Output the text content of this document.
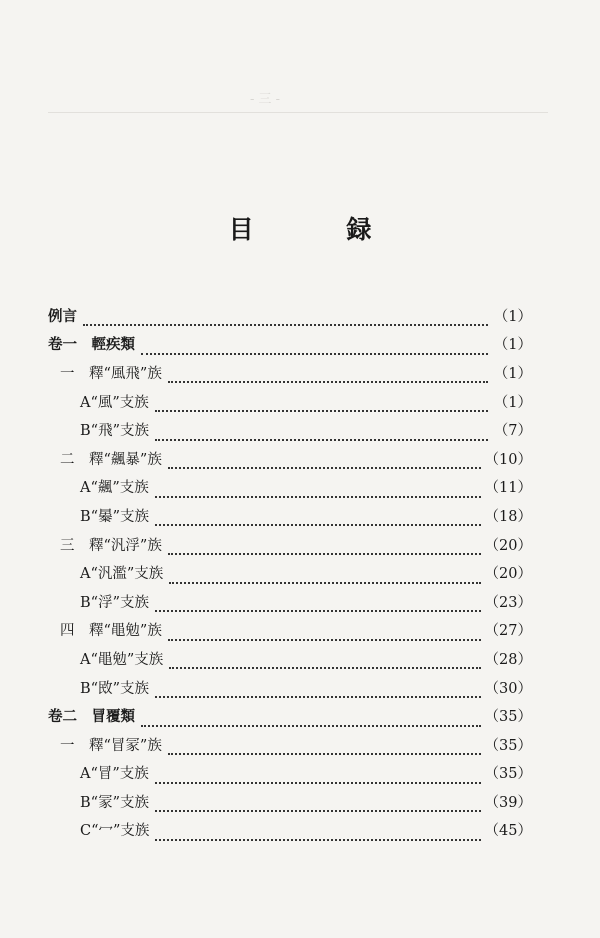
- 三 -
目 録
例言	（1）
卷一　輕疾類	（1）
一　釋“風飛”族	（1）
A“風”支族	（1）
B“飛”支族	（7）
二　釋“飆暴”族	（10）
A“飆”支族	（11）
B“㬥”支族	（18）
三　釋“汎浮”族	（20）
A“汎濫”支族	（20）
B“浮”支族	（23）
四　釋“黽勉”族	（27）
A“黽勉”支族	（28）
B“敃”支族	（30）
卷二　冒覆類	（35）
一　釋“冒冡”族	（35）
A“冒”支族	（35）
B“冡”支族	（39）
C“冖”支族	（45）
